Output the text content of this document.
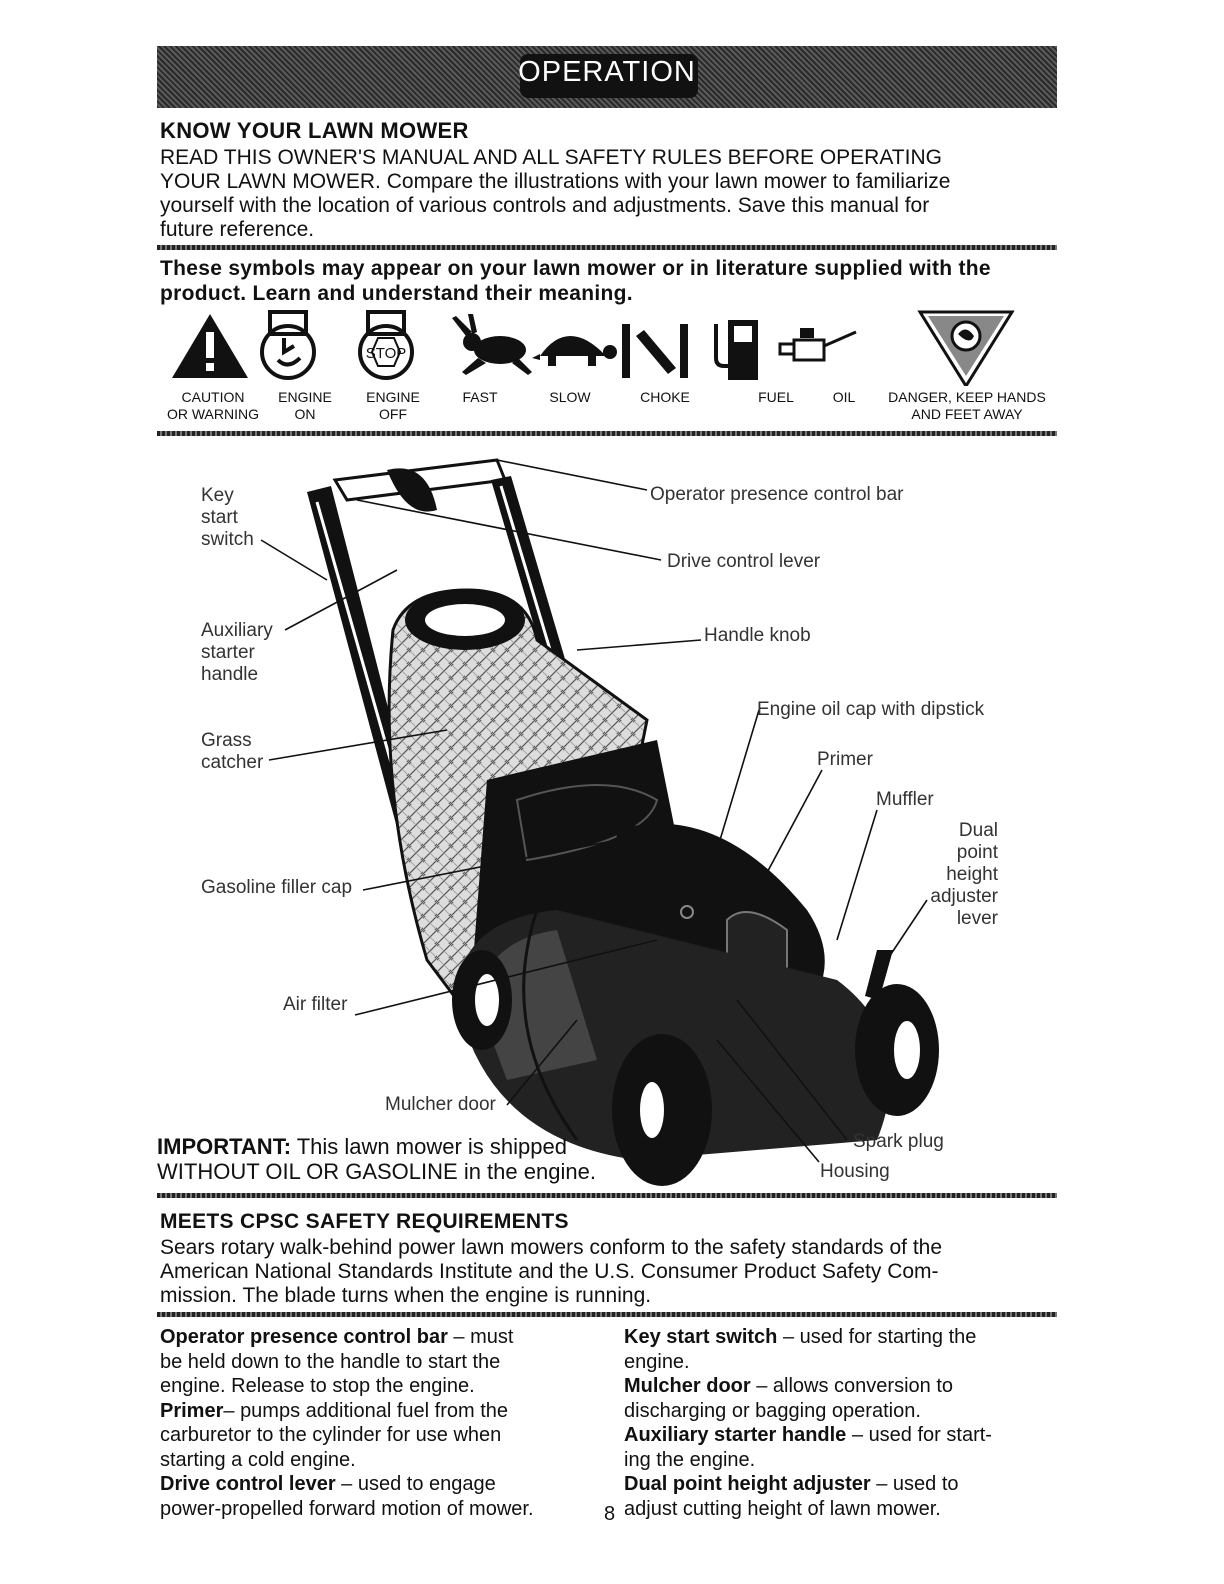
OPERATION
KNOW YOUR LAWN MOWER
READ THIS OWNER'S MANUAL AND ALL SAFETY RULES BEFORE OPERATING
YOUR LAWN MOWER. Compare the illustrations with your lawn mower to familiarize
yourself with the location of various controls and adjustments. Save this manual for
future reference.
These symbols may appear on your lawn mower or in literature supplied with the
product. Learn and understand their meaning.
STOP
CAUTION
OR WARNING
ENGINE
ON
ENGINE
OFF
FAST	SLOW	CHOKE	FUEL	OIL	DANGER, KEEP HANDS
AND FEET AWAY
Key
start
switch
Operator presence control bar
Drive control lever
Auxiliary
starter
handle
Handle knob
Engine oil cap with dipstick
Grass
catcher	Primer
Muffler
Dual
point
height
adjuster
lever
Gasoline filler cap
Air filter
Mulcher door
Spark plug
Housing
IMPORTANT: This lawn mower is shipped
WITHOUT OIL OR GASOLINE in the engine.
MEETS CPSC SAFETY REQUIREMENTS
Sears rotary walk-behind power lawn mowers conform to the safety standards of the
American National Standards Institute and the U.S. Consumer Product Safety Com-
mission. The blade turns when the engine is running.
Operator presence control bar – must
be held down to the handle to start the
engine. Release to stop the engine.
Primer– pumps additional fuel from the
carburetor to the cylinder for use when
starting a cold engine.
Drive control lever – used to engage
power-propelled forward motion of mower.	8
Key start switch – used for starting the
engine.
Mulcher door – allows conversion to
discharging or bagging operation.
Auxiliary starter handle – used for start-
ing the engine.
Dual point height adjuster – used to
adjust cutting height of lawn mower.
